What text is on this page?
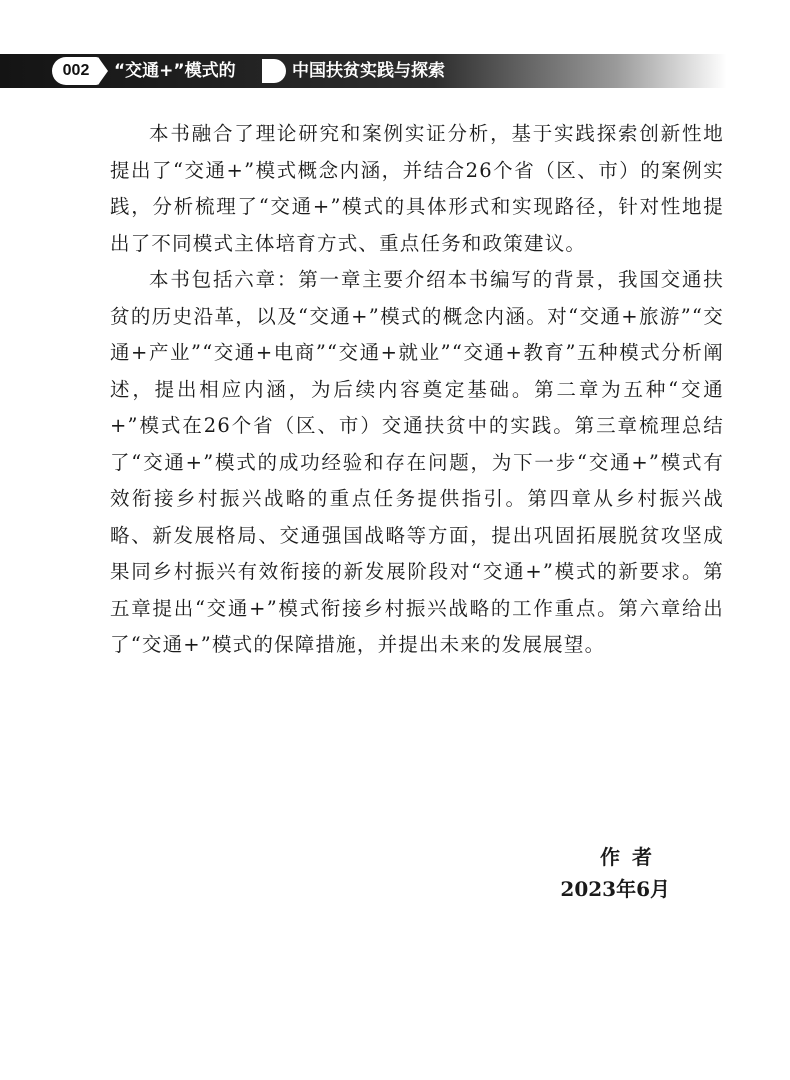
002	“交通+”模式的	中国扶贫实践与探索

本书融合了理论研究和案例实证分析，基于实践探索创新性地提出了“交通+”模式概念内涵，并结合26个省（区、市）的案例实践，分析梳理了“交通+”模式的具体形式和实现路径，针对性地提出了不同模式主体培育方式、重点任务和政策建议。

本书包括六章：第一章主要介绍本书编写的背景，我国交通扶贫的历史沿革，以及“交通+”模式的概念内涵。对“交通+旅游”“交通+产业”“交通+电商”“交通+就业”“交通+教育”五种模式分析阐述，提出相应内涵，为后续内容奠定基础。第二章为五种“交通+”模式在26个省（区、市）交通扶贫中的实践。第三章梳理总结了“交通+”模式的成功经验和存在问题，为下一步“交通+”模式有效衔接乡村振兴战略的重点任务提供指引。第四章从乡村振兴战略、新发展格局、交通强国战略等方面，提出巩固拓展脱贫攻坚成果同乡村振兴有效衔接的新发展阶段对“交通+”模式的新要求。第五章提出“交通+”模式衔接乡村振兴战略的工作重点。第六章给出了“交通+”模式的保障措施，并提出未来的发展展望。

作者
2023年6月
